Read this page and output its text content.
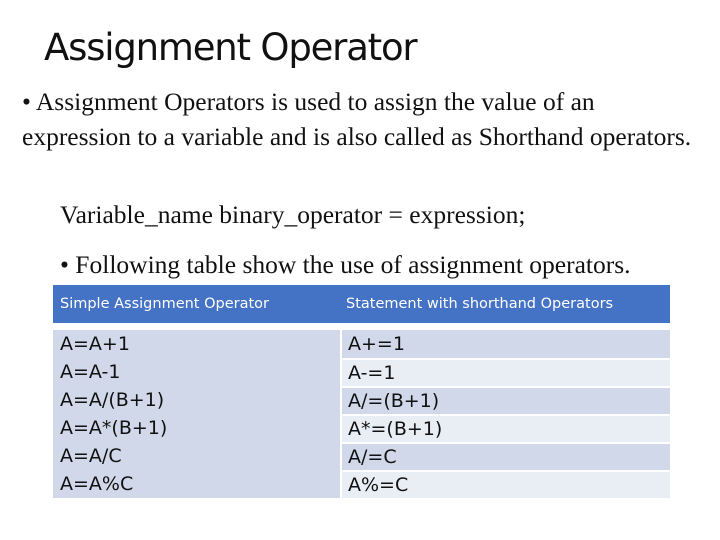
Assignment Operator
• Assignment Operators is used to assign the value of an expression to a variable and is also called as Shorthand operators.
Variable_name binary_operator = expression;
• Following table show the use of assignment operators.
Simple Assignment Operator	Statement with shorthand Operators
A=A+1
A=A-1
A=A/(B+1)
A=A*(B+1)
A=A/C
A=A%C
A+=1
A-=1
A/=(B+1)
A*=(B+1)
A/=C
A%=C
